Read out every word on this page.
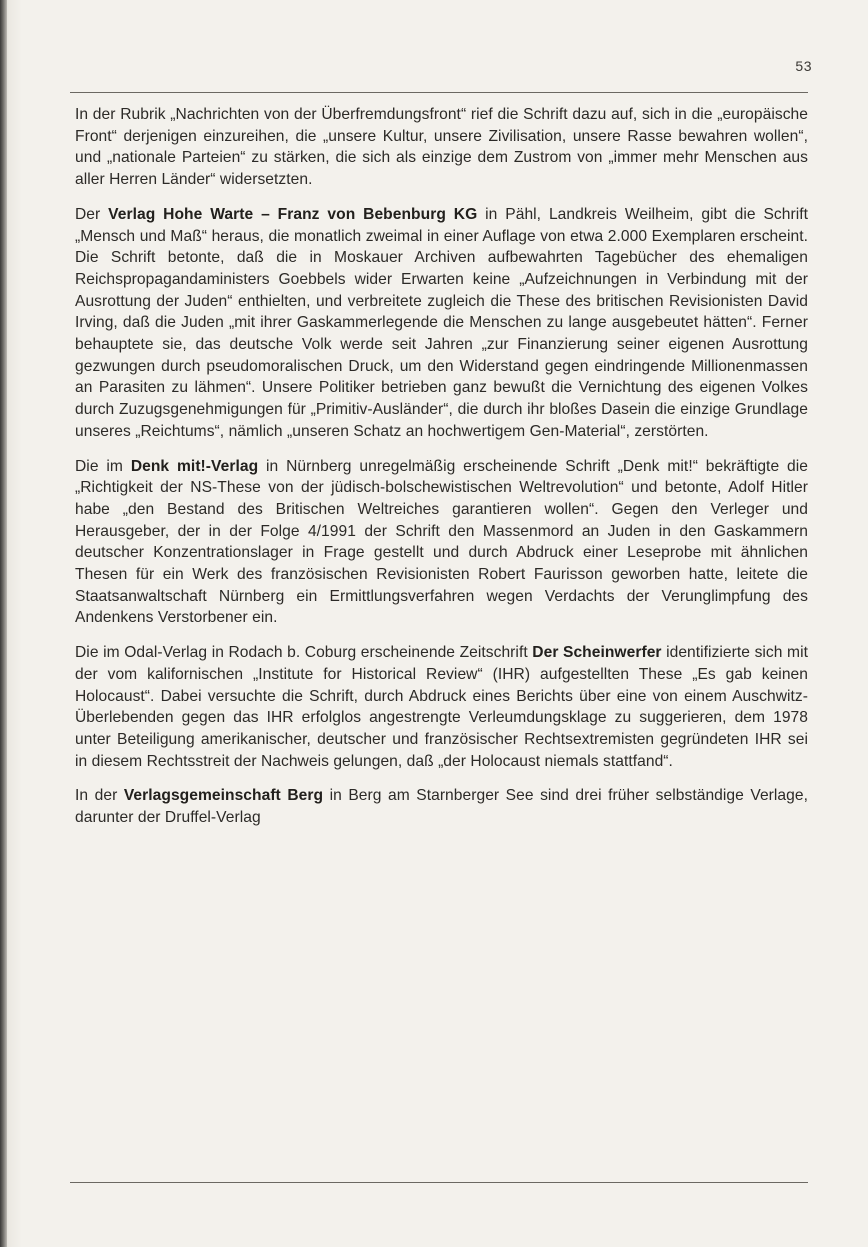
53

In der Rubrik „Nachrichten von der Überfremdungsfront“ rief die Schrift dazu auf, sich in die „europäische Front“ derjenigen einzureihen, die „unsere Kultur, unsere Zivilisation, unsere Rasse bewahren wollen“, und „nationale Parteien“ zu stärken, die sich als einzige dem Zustrom von „immer mehr Menschen aus aller Herren Länder“ widersetzten.

Der Verlag Hohe Warte – Franz von Bebenburg KG in Pähl, Landkreis Weilheim, gibt die Schrift „Mensch und Maß“ heraus, die monatlich zweimal in einer Auflage von etwa 2.000 Exemplaren erscheint. Die Schrift betonte, daß die in Moskauer Archiven aufbewahrten Tagebücher des ehemaligen Reichspropagandaministers Goebbels wider Erwarten keine „Aufzeichnungen in Verbindung mit der Ausrottung der Juden“ enthielten, und verbreitete zugleich die These des britischen Revisionisten David Irving, daß die Juden „mit ihrer Gaskammerlegende die Menschen zu lange ausgebeutet hätten“. Ferner behauptete sie, das deutsche Volk werde seit Jahren „zur Finanzierung seiner eigenen Ausrottung gezwungen durch pseudomoralischen Druck, um den Widerstand gegen eindringende Millionenmassen an Parasiten zu lähmen“. Unsere Politiker betrieben ganz bewußt die Vernichtung des eigenen Volkes durch Zuzugsgenehmigungen für „Primitiv-Ausländer“, die durch ihr bloßes Dasein die einzige Grundlage unseres „Reichtums“, nämlich „unseren Schatz an hochwertigem Gen-Material“, zerstörten.

Die im Denk mit!-Verlag in Nürnberg unregelmäßig erscheinende Schrift „Denk mit!“ bekräftigte die „Richtigkeit der NS-These von der jüdisch-bolschewistischen Weltrevolution“ und betonte, Adolf Hitler habe „den Bestand des Britischen Weltreiches garantieren wollen“. Gegen den Verleger und Herausgeber, der in der Folge 4/1991 der Schrift den Massenmord an Juden in den Gaskammern deutscher Konzentrationslager in Frage gestellt und durch Abdruck einer Leseprobe mit ähnlichen Thesen für ein Werk des französischen Revisionisten Robert Faurisson geworben hatte, leitete die Staatsanwaltschaft Nürnberg ein Ermittlungsverfahren wegen Verdachts der Verunglimpfung des Andenkens Verstorbener ein.

Die im Odal-Verlag in Rodach b. Coburg erscheinende Zeitschrift Der Scheinwerfer identifizierte sich mit der vom kalifornischen „Institute for Historical Review“ (IHR) aufgestellten These „Es gab keinen Holocaust“. Dabei versuchte die Schrift, durch Abdruck eines Berichts über eine von einem Auschwitz-Überlebenden gegen das IHR erfolglos angestrengte Verleumdungsklage zu suggerieren, dem 1978 unter Beteiligung amerikanischer, deutscher und französischer Rechtsextremisten gegründeten IHR sei in diesem Rechtsstreit der Nachweis gelungen, daß „der Holocaust niemals stattfand“.

In der Verlagsgemeinschaft Berg in Berg am Starnberger See sind drei früher selbständige Verlage, darunter der Druffel-Verlag
